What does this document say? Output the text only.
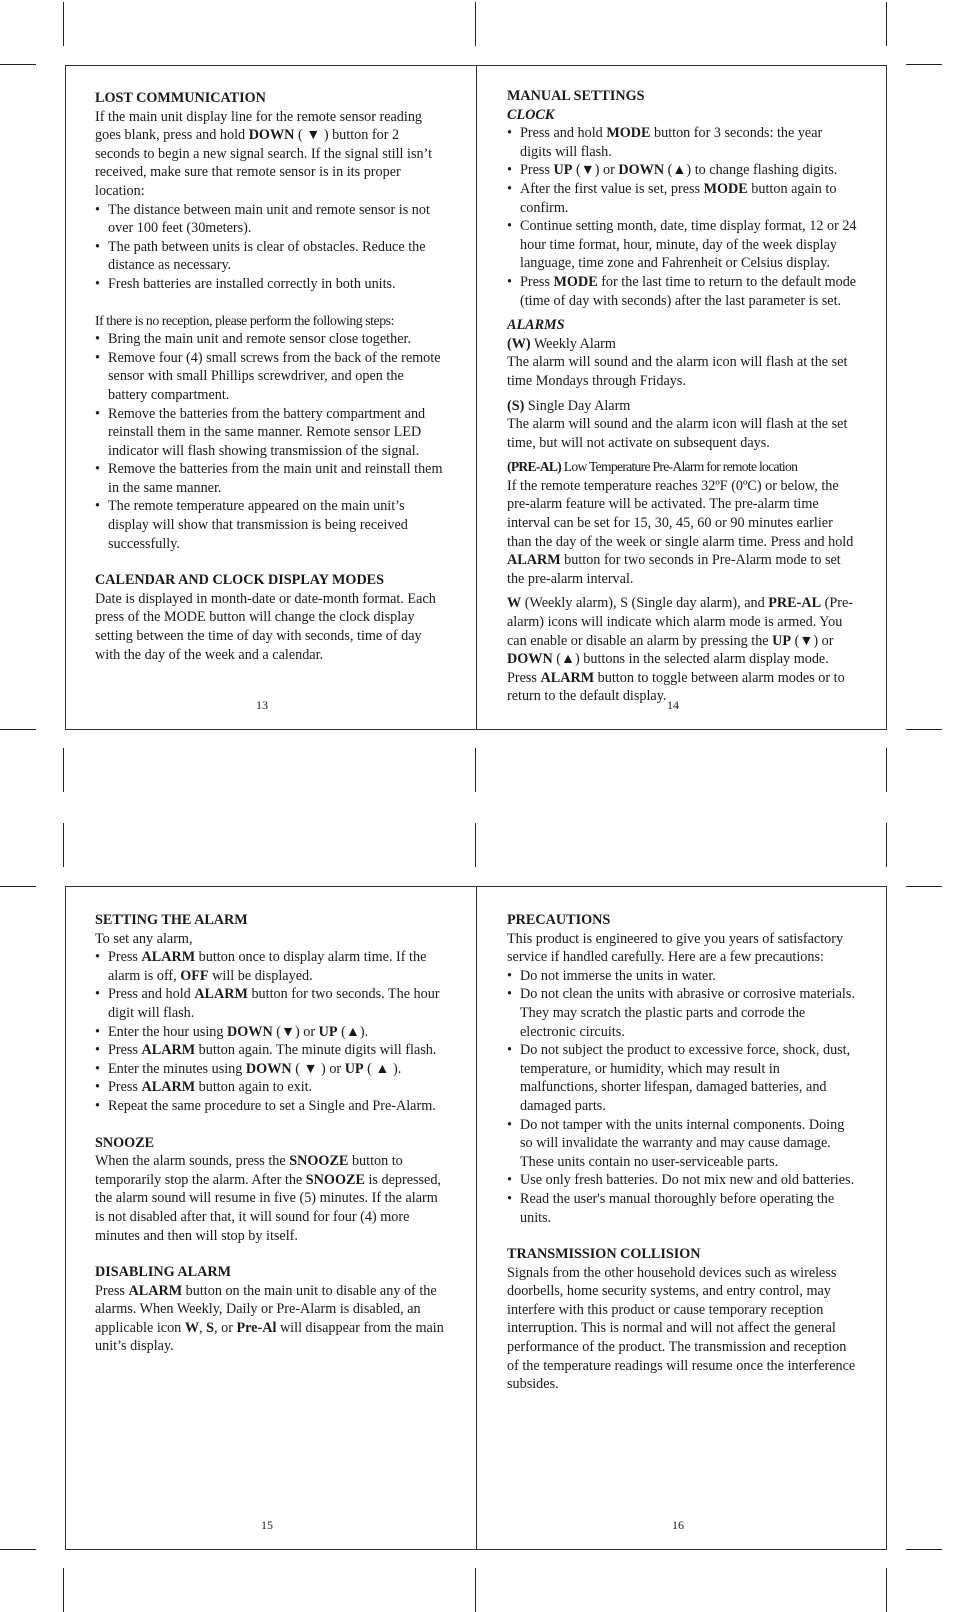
LOST COMMUNICATION

If the main unit display line for the remote sensor reading goes blank, press and hold DOWN ( ▼ ) button for 2 seconds to begin a new signal search. If the signal still isn’t received, make sure that remote sensor is in its proper location:

• The distance between main unit and remote sensor is not over 100 feet (30meters).
• The path between units is clear of obstacles. Reduce the distance as necessary.
• Fresh batteries are installed correctly in both units.

If there is no reception, please perform the following steps:

• Bring the main unit and remote sensor close together.
• Remove four (4) small screws from the back of the remote sensor with small Phillips screwdriver, and open the battery compartment.
• Remove the batteries from the battery compartment and reinstall them in the same manner. Remote sensor LED indicator will flash showing transmission of the signal.
• Remove the batteries from the main unit and reinstall them in the same manner.
• The remote temperature appeared on the main unit’s display will show that transmission is being received successfully.
CALENDAR AND CLOCK DISPLAY MODES

Date is displayed in month-date or date-month format. Each press of the MODE button will change the clock display setting between the time of day with seconds, time of day with the day of the week and a calendar.

13
MANUAL SETTINGS
CLOCK
• Press and hold MODE button for 3 seconds: the year digits will flash.
• Press UP (▼) or DOWN (▲) to change flashing digits.
• After the first value is set, press MODE button again to confirm.
• Continue setting month, date, time display format, 12 or 24 hour time format, hour, minute, day of the week display language, time zone and Fahrenheit or Celsius display.
• Press MODE for the last time to return to the default mode (time of day with seconds) after the last parameter is set.
ALARMS

(W) Weekly Alarm

The alarm will sound and the alarm icon will flash at the set time Mondays through Fridays.

(S) Single Day Alarm

The alarm will sound and the alarm icon will flash at the set time, but will not activate on subsequent days.

(PRE-AL) Low Temperature Pre-Alarm for remote location

If the remote temperature reaches 32ºF (0ºC) or below, the pre-alarm feature will be activated. The pre-alarm time interval can be set for 15, 30, 45, 60 or 90 minutes earlier than the day of the week or single alarm time. Press and hold ALARM button for two seconds in Pre-Alarm mode to set the pre-alarm interval.

W (Weekly alarm), S (Single day alarm), and PRE-AL (Pre-alarm) icons will indicate which alarm mode is armed. You can enable or disable an alarm by pressing the UP (▼) or DOWN (▲) buttons in the selected alarm display mode. Press ALARM button to toggle between alarm modes or to return to the default display.

14
SETTING THE ALARM

To set any alarm,

• Press ALARM button once to display alarm time. If the alarm is off, OFF will be displayed.
• Press and hold ALARM button for two seconds. The hour digit will flash.
• Enter the hour using DOWN (▼) or UP (▲).
• Press ALARM button again. The minute digits will flash.
• Enter the minutes using DOWN ( ▼ ) or UP ( ▲ ).
• Press ALARM button again to exit.
• Repeat the same procedure to set a Single and Pre-Alarm.
SNOOZE

When the alarm sounds, press the SNOOZE button to temporarily stop the alarm. After the SNOOZE is depressed, the alarm sound will resume in five (5) minutes. If the alarm is not disabled after that, it will sound for four (4) more minutes and then will stop by itself.

DISABLING ALARM

Press ALARM button on the main unit to disable any of the alarms. When Weekly, Daily or Pre-Alarm is disabled, an applicable icon W, S, or Pre-Al will disappear from the main unit’s display.

15
PRECAUTIONS

This product is engineered to give you years of satisfactory service if handled carefully. Here are a few precautions:

• Do not immerse the units in water.
• Do not clean the units with abrasive or corrosive materials. They may scratch the plastic parts and corrode the electronic circuits.
• Do not subject the product to excessive force, shock, dust, temperature, or humidity, which may result in malfunctions, shorter lifespan, damaged batteries, and damaged parts.
• Do not tamper with the units internal components. Doing so will invalidate the warranty and may cause damage. These units contain no user-serviceable parts.
• Use only fresh batteries. Do not mix new and old batteries.
• Read the user's manual thoroughly before operating the units.
TRANSMISSION COLLISION

Signals from the other household devices such as wireless doorbells, home security systems, and entry control, may interfere with this product or cause temporary reception interruption. This is normal and will not affect the general performance of the product. The transmission and reception of the temperature readings will resume once the interference subsides.

16
